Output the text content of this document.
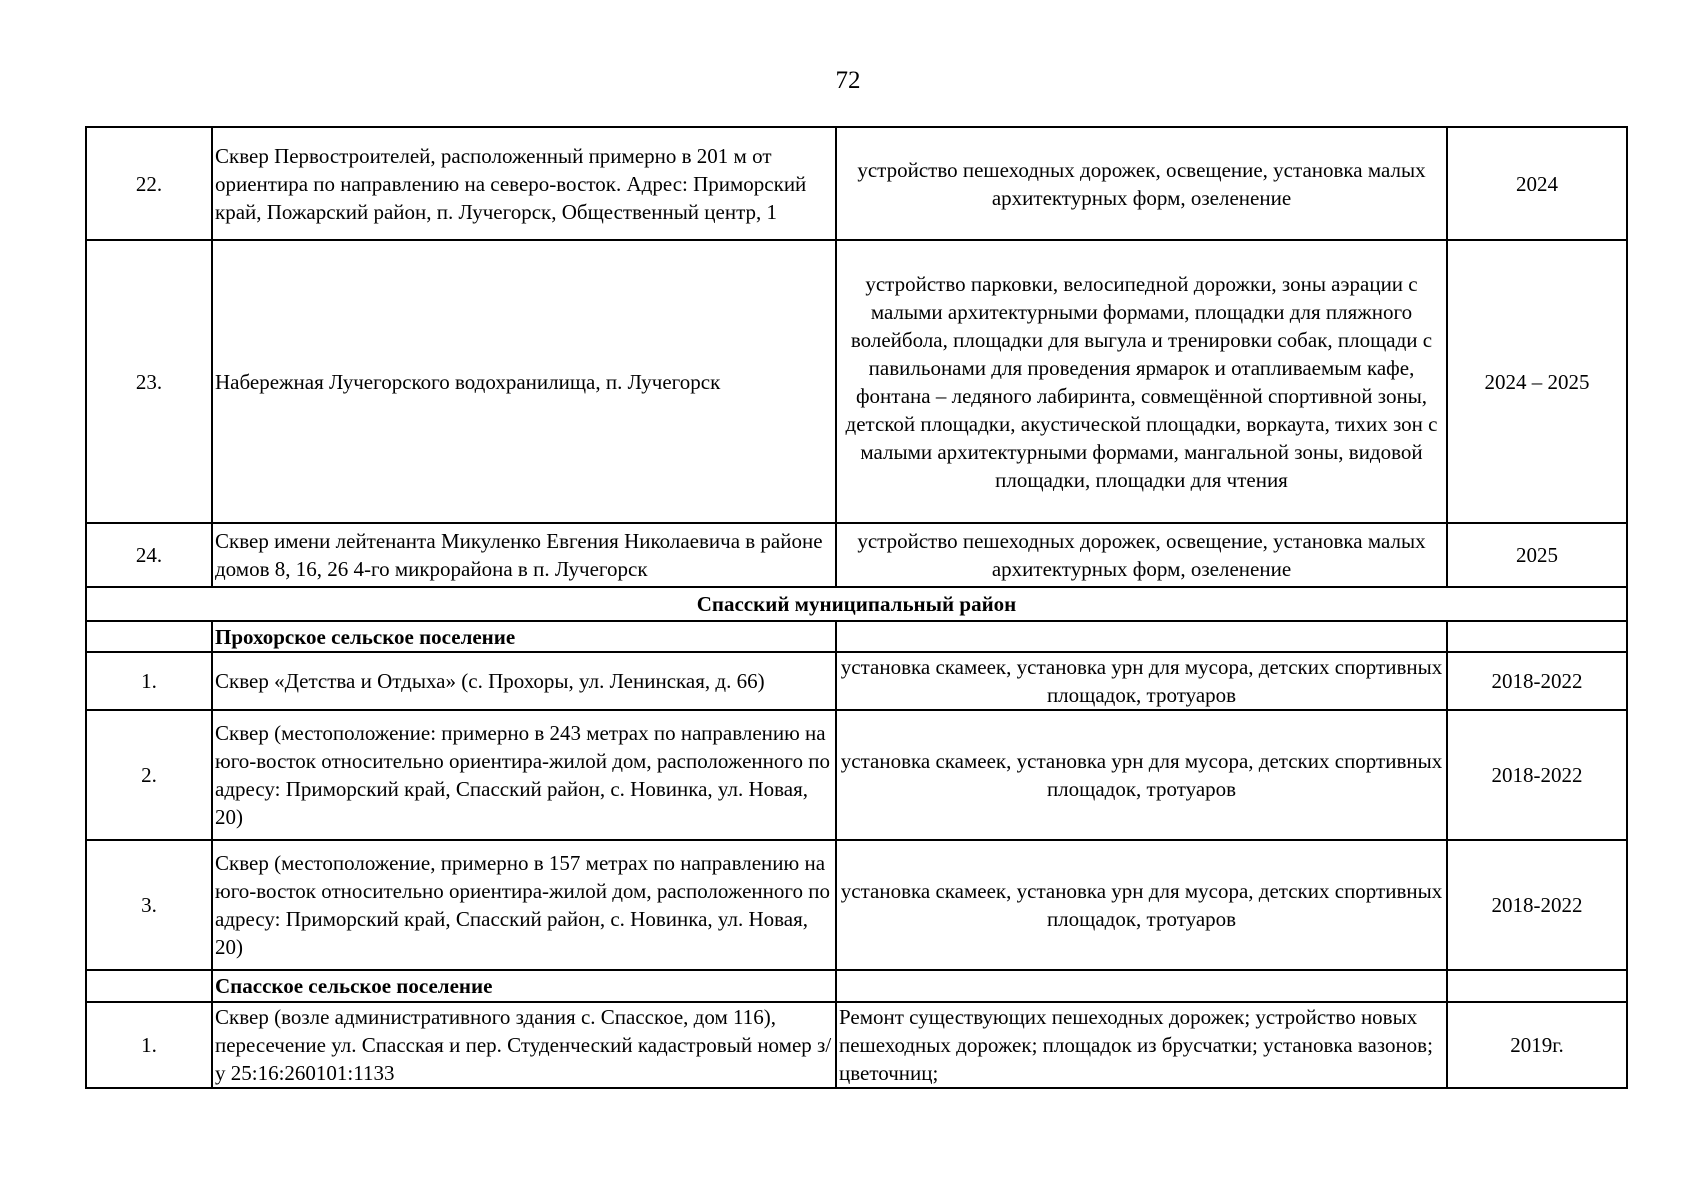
72
22.	Сквер Первостроителей, расположенный примерно в 201 м от ориентира по направлению на северо-восток. Адрес: Приморский край, Пожарский район, п. Лучегорск, Общественный центр, 1	устройство пешеходных дорожек, освещение, установка малых архитектурных форм, озеленение	2024
23.	Набережная Лучегорского водохранилища, п. Лучегорск	устройство парковки, велосипедной дорожки, зоны аэрации с малыми архитектурными формами, площадки для пляжного волейбола, площадки для выгула и тренировки собак, площади с павильонами для проведения ярмарок и отапливаемым кафе, фонтана – ледяного лабиринта, совмещённой спортивной зоны, детской площадки, акустической площадки, воркаута, тихих зон с малыми архитектурными формами, мангальной зоны, видовой площадки, площадки для чтения	2024 – 2025
24.	Сквер имени лейтенанта Микуленко Евгения Николаевича в районе домов 8, 16, 26 4-го микрорайона в п. Лучегорск	устройство пешеходных дорожек, освещение, установка малых архитектурных форм, озеленение	2025
Спасский муниципальный район			
	Прохорское сельское поселение		
1.	Сквер «Детства и Отдыха» (с. Прохоры, ул. Ленинская, д. 66)	установка скамеек, установка урн для мусора, детских спортивных площадок, тротуаров	2018-2022
2.	Сквер (местоположение: примерно в 243 метрах по направлению на юго-восток относительно ориентира-жилой дом, расположенного по адресу: Приморский край, Спасский район, с. Новинка, ул. Новая, 20)	установка скамеек, установка урн для мусора, детских спортивных площадок, тротуаров	2018-2022
3.	Сквер (местоположение, примерно в 157 метрах по направлению на юго-восток относительно ориентира-жилой дом, расположенного по адресу: Приморский край, Спасский район, с. Новинка, ул. Новая, 20)	установка скамеек, установка урн для мусора, детских спортивных площадок, тротуаров	2018-2022
	Спасское сельское поселение		
1.	Сквер (возле административного здания с. Спасское, дом 116), пересечение ул. Спасская и пер. Студенческий кадастровый номер з/у 25:16:260101:1133	Ремонт существующих пешеходных дорожек; устройство новых пешеходных дорожек; площадок из брусчатки; установка вазонов; цветочниц;	2019г.
